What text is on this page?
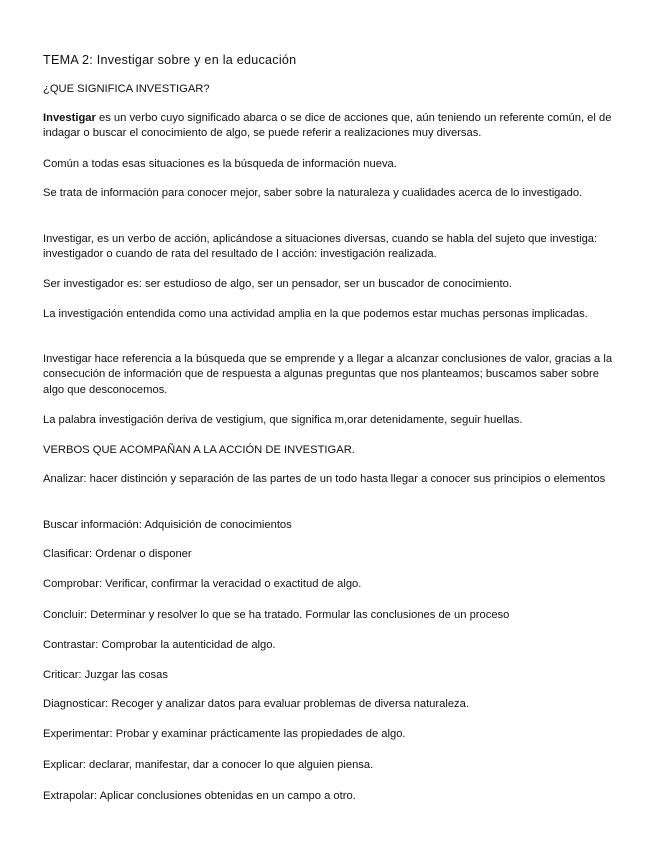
TEMA 2: Investigar sobre y en la educación

¿QUE SIGNIFICA INVESTIGAR?

Investigar es un verbo cuyo significado abarca o se dice de acciones que, aún teniendo un referente común, el de indagar o buscar el conocimiento de algo, se puede referir a realizaciones muy diversas.

Común a todas esas situaciones es la búsqueda de información nueva.

Se trata de información para conocer mejor, saber sobre la naturaleza y cualidades acerca de lo investigado.

Investigar, es un verbo de acción, aplicándose a situaciones diversas, cuando se habla del sujeto que investiga: investigador o cuando de rata del resultado de l acción: investigación realizada.

Ser investigador es: ser estudioso de algo, ser un pensador, ser un buscador de conocimiento.

La investigación entendida como una actividad amplia en la que podemos estar muchas personas implicadas.

Investigar hace referencia a la búsqueda que se emprende y a llegar a alcanzar conclusiones de valor, gracias a la consecución de información que de respuesta a algunas preguntas que nos planteamos; buscamos saber sobre algo que desconocemos.

La palabra investigación deriva de vestigium, que significa m,orar detenidamente, seguir huellas.

VERBOS QUE ACOMPAÑAN A LA ACCIÓN DE INVESTIGAR.

Analizar: hacer distinción y separación de las partes de un todo hasta llegar a conocer sus principios o elementos

Buscar información: Adquisición de conocimientos

Clasificar: Ordenar o disponer

Comprobar: Verificar, confirmar la veracidad o exactitud de algo.

Concluir: Determinar y resolver lo que se ha tratado. Formular las conclusiones de un proceso

Contrastar: Comprobar la autenticidad de algo.

Criticar: Juzgar las cosas

Diagnosticar: Recoger y analizar datos para evaluar problemas de diversa naturaleza.

Experimentar: Probar y examinar prácticamente las propiedades de algo.

Explicar: declarar, manifestar, dar a conocer lo que alguien piensa.

Extrapolar: Aplicar conclusiones obtenidas en un campo a otro.
